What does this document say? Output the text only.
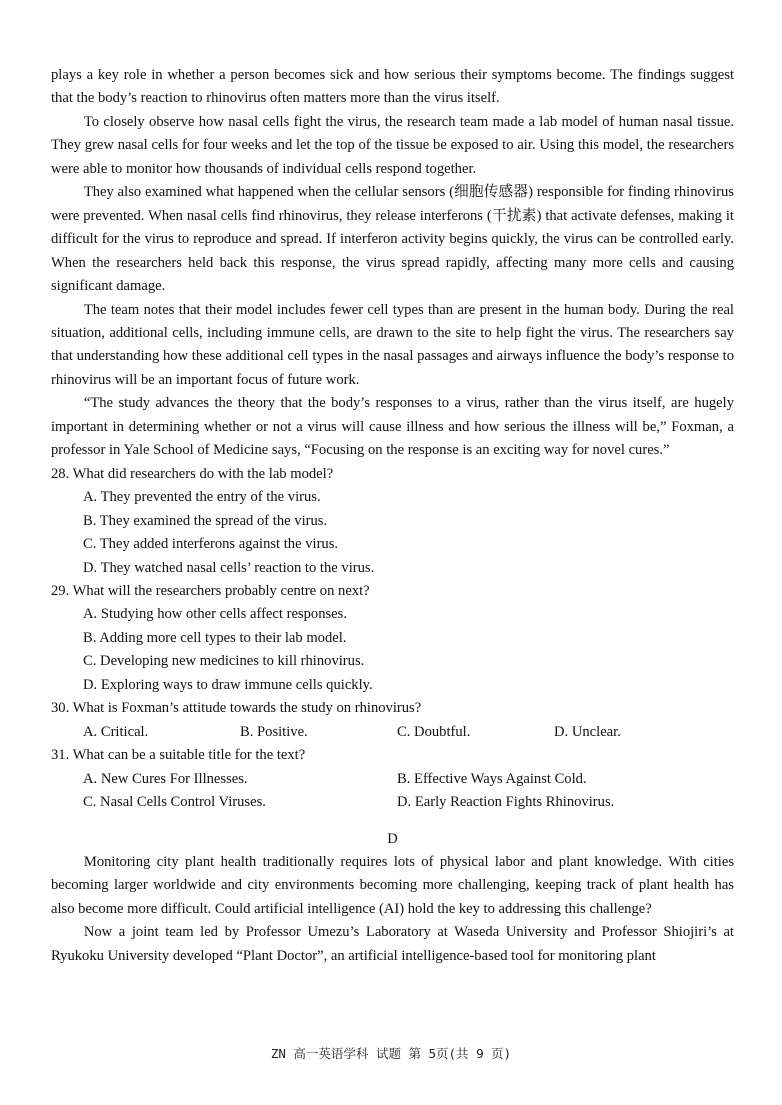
plays a key role in whether a person becomes sick and how serious their symptoms become. The findings suggest that the body’s reaction to rhinovirus often matters more than the virus itself.

To closely observe how nasal cells fight the virus, the research team made a lab model of human nasal tissue. They grew nasal cells for four weeks and let the top of the tissue be exposed to air. Using this model, the researchers were able to monitor how thousands of individual cells respond together.

They also examined what happened when the cellular sensors (细胞传感器) responsible for finding rhinovirus were prevented. When nasal cells find rhinovirus, they release interferons (干扰素) that activate defenses, making it difficult for the virus to reproduce and spread. If interferon activity begins quickly, the virus can be controlled early. When the researchers held back this response, the virus spread rapidly, affecting many more cells and causing significant damage.

The team notes that their model includes fewer cell types than are present in the human body. During the real situation, additional cells, including immune cells, are drawn to the site to help fight the virus. The researchers say that understanding how these additional cell types in the nasal passages and airways influence the body’s response to rhinovirus will be an important focus of future work.

“The study advances the theory that the body’s responses to a virus, rather than the virus itself, are hugely important in determining whether or not a virus will cause illness and how serious the illness will be,” Foxman, a professor in Yale School of Medicine says, “Focusing on the response is an exciting way for novel cures.”

28. What did researchers do with the lab model?
A. They prevented the entry of the virus.
B. They examined the spread of the virus.
C. They added interferons against the virus.
D. They watched nasal cells’ reaction to the virus.
29. What will the researchers probably centre on next?
A. Studying how other cells affect responses.
B. Adding more cell types to their lab model.
C. Developing new medicines to kill rhinovirus.
D. Exploring ways to draw immune cells quickly.
30. What is Foxman’s attitude towards the study on rhinovirus?
A. Critical.	B. Positive.	C. Doubtful.	D. Unclear.
31. What can be a suitable title for the text?
A. New Cures For Illnesses.	B. Effective Ways Against Cold.
C. Nasal Cells Control Viruses.	D. Early Reaction Fights Rhinovirus.
D

Monitoring city plant health traditionally requires lots of physical labor and plant knowledge. With cities becoming larger worldwide and city environments becoming more challenging, keeping track of plant health has also become more difficult. Could artificial intelligence (AI) hold the key to addressing this challenge?

Now a joint team led by Professor Umezu’s Laboratory at Waseda University and Professor Shiojiri’s at Ryukoku University developed “Plant Doctor”, an artificial intelligence-based tool for monitoring plant

ZN 高一英语学科 试题 第 5页(共 9 页)
